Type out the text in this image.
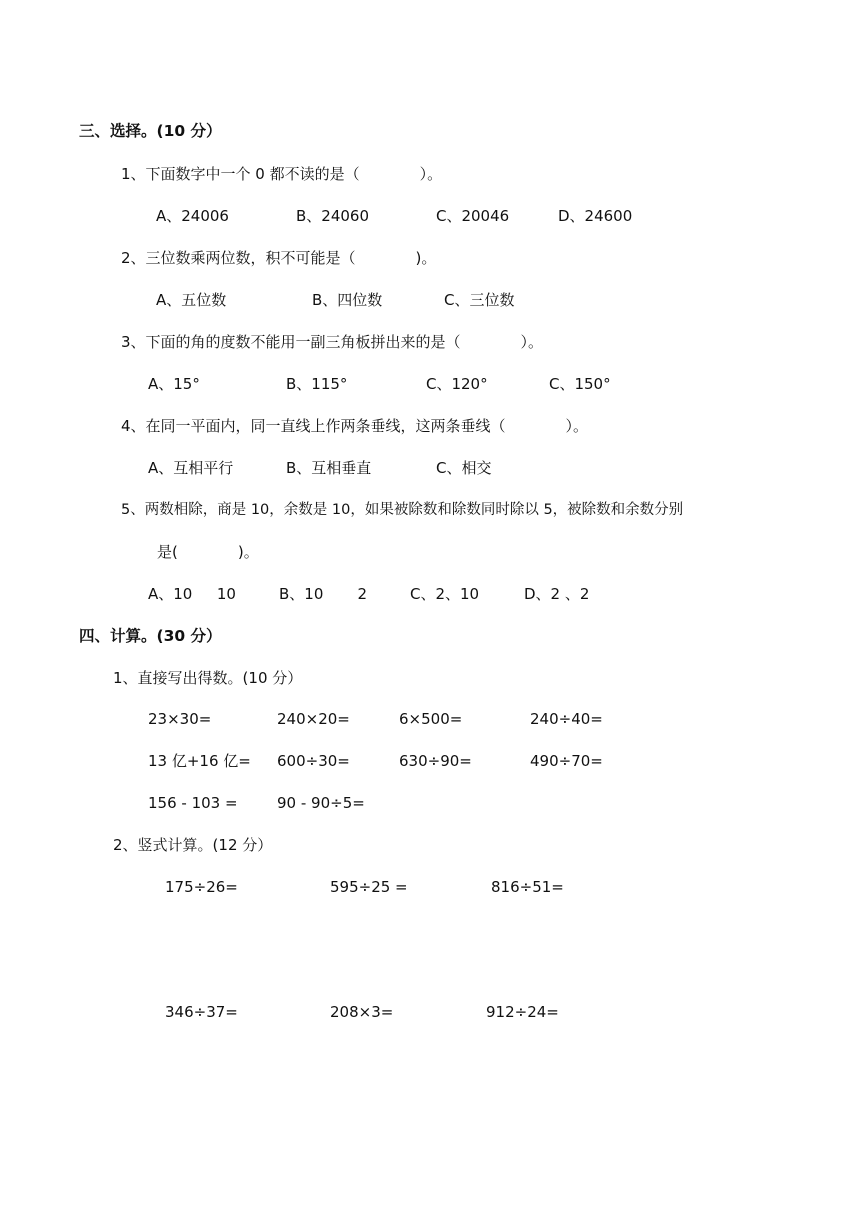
三、选择。(10 分）
1、下面数字中一个 0 都不读的是（　　　　）。
A、24006	B、24060	C、20046	D、24600
2、三位数乘两位数，积不可能是（　　　　)。
A、五位数	B、四位数	C、三位数
3、下面的角的度数不能用一副三角板拼出来的是（　　　　）。
A、15°	B、115°	C、120°	C、150°
4、在同一平面内，同一直线上作两条垂线，这两条垂线（　　　　）。
A、互相平行	B、互相垂直	C、相交
5、两数相除，商是 10，余数是 10，如果被除数和除数同时除以 5，被除数和余数分别
是(　　　　)。
A、10　  10	B、10　    2	C、2、10	D、2 、2
四、计算。(30 分）
1、直接写出得数。(10 分）
23×30=	240×20=	6×500=	240÷40=
13 亿+16 亿= 600÷30=	630÷90=	490÷70=
156 - 103 =	90 - 90÷5=
2、竖式计算。(12 分）
175÷26=	595÷25 =	816÷51=
346÷37=	208×3=	912÷24=
